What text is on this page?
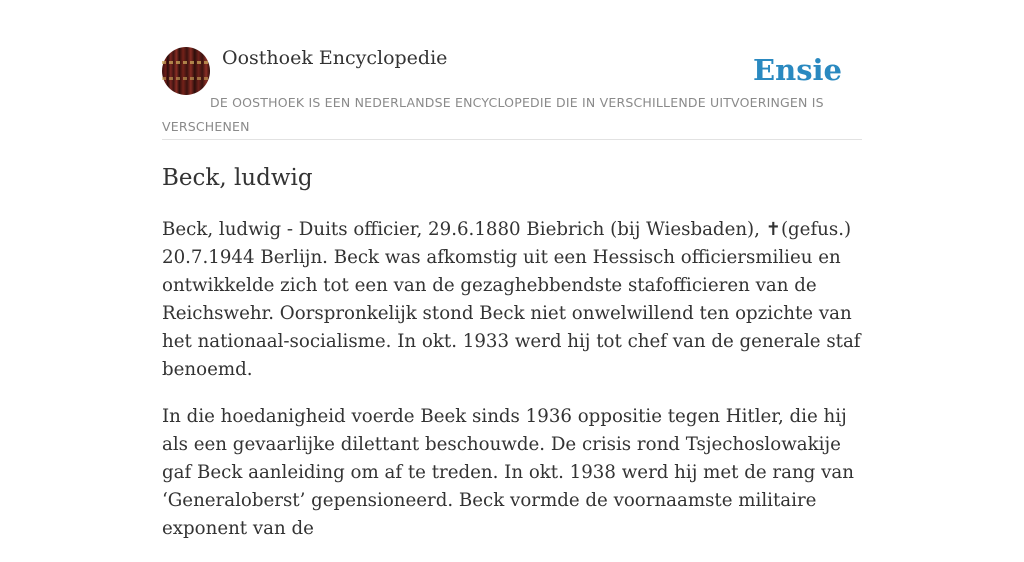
Oosthoek Encyclopedie	Ensie
DE OOSTHOEK IS EEN NEDERLANDSE ENCYCLOPEDIE DIE IN VERSCHILLENDE UITVOERINGEN IS VERSCHENEN
Beck, ludwig

Beck, ludwig - Duits officier, 29.6.1880 Biebrich (bij Wiesbaden), ✝(gefus.) 20.7.1944 Berlijn. Beck was afkomstig uit een Hessisch officiersmilieu en ontwikkelde zich tot een van de gezaghebbendste stafofficieren van de Reichswehr. Oorspronkelijk stond Beck niet onwelwillend ten opzichte van het nationaal-socialisme. In okt. 1933 werd hij tot chef van de generale staf benoemd.

In die hoedanigheid voerde Beek sinds 1936 oppositie tegen Hitler, die hij als een gevaarlijke dilettant beschouwde. De crisis rond Tsjechoslowakije gaf Beck aanleiding om af te treden. In okt. 1938 werd hij met de rang van ‘Generaloberst’ gepensioneerd. Beck vormde de voornaamste militaire exponent van de
